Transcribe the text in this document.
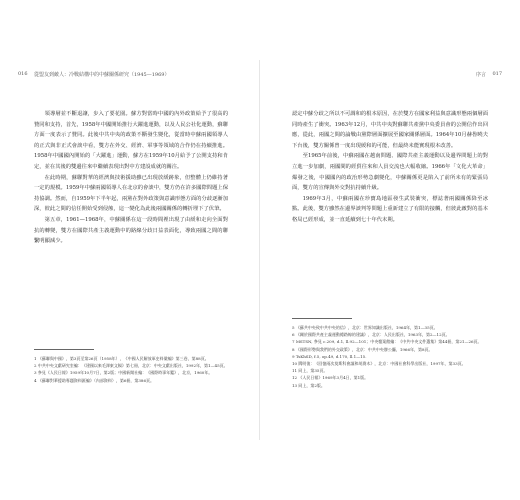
016 從盟友到敵人：冷戰結構中的中蘇關係研究（1945—1969）

領導層並不斷退讓，步入了要花園。蘇方對當時中國的內外政策給予了很高的贊同和支持，首先，1958年中國開始推行大躍進運動，以及人民公社化運動，蘇聯方面一度表示了贊同。此後中共中央的政策不斷發生變化，從當時中蘇兩國領導人的正式與非正式會談中看，雙方在外交、經濟、軍事等領域的合作仍在持續推進。1958年中國國內開始的「大躍進」運動，蘇方在1959年10月給予了公開支持和肯定，並在其後的雙邊往來中繼續表現出對中方建設成就的關注。

在此時期，蘇聯對華的經濟與技術援助雖已出現放緩跡象，但整體上仍維持著一定的規模。1959年中蘇兩國領導人在北京的會談中，雙方仍在許多國際問題上保持協調。然而，自1959年下半年起，兩黨在對外政策與意識形態方面的分歧逐漸加深，彼此之間的信任開始受到侵蝕，這一變化為此後兩國關係的轉折埋下了伏筆。

第五章，1961—1968年，中蘇關係在這一段時間裡出現了由緩和走向全面對抗的轉變，雙方在國際共產主義運動中的路線分歧日益表面化，導致兩國之間的聯繫明顯減少。

1 《蘇聯與中國》，第3頁至第26頁（1958年），《中國人民解放軍史料彙編》第三卷，第88頁。

2 中共中央文獻研究室編：《建國以來毛澤東文稿》第七冊，北京：中央文獻出版社，1992年，第1—45頁。

3 參見《人民日報》1959年10月7日，第2版；中國新聞社編：《國際時事年鑑》，北京，1960年。

4 《蘇聯對華援助專題資料匯編》（內部資料），第6冊，第386頁。

序言 017

認定中蘇分歧之所以不可調和的根本原因，在於雙方在國家利益與意識形態兩個層面同時產生了衝突。1963年12月，中共中央對蘇聯共產黨中央委員會的公開信作出回應，從此，兩國之間的論戰由黨際層面擴展至國家關係層面。1964年10月赫魯曉夫下台後，雙方關係曾一度出現緩和的可能，但最終未能實現根本改善。

至1965年前後，中蘇兩國在越南問題、國際共產主義運動以及邊界問題上的對立進一步加劇，兩國間的經貿往來和人員交流也大幅收縮。1966年「文化大革命」爆發之後，中國國內的政治形勢急劇變化，中蘇關係更是陷入了前所未有的緊張局面，雙方的宣傳與外交對抗持續升級。

1969年3月，中蘇兩國在珍寶島地區發生武裝衝突，標誌著兩國關係降至冰點。此後，雙方雖然在邊界談判等問題上重新建立了有限的接觸，但彼此敵對的基本格局已經形成，並一直延續到七十年代末期。

5 《蘇共中央致中共中央的信》，北京：世界知識出版社，1964年，第1—35頁。

6 《關於國際共產主義運動總路線的建議》，北京：人民出版社，1963年，第2—12頁。

7 MSTSN, 參見 c.209, d.1, ll.92—101；中央檔案館編：《中共中央文件選集》第44冊，第21—26頁。

8 《國際形勢與我們的外交政策》，北京：中共中央辦公廳，1966年，第8頁。

9 TsKhSD, f.5, op.49, d.170, ll.1—15.

10 閻明復：《回憶兩次莫斯科會議和胡喬木》，北京：中國社會科學出版社，1997年，第33頁。

11 同上，第35頁。

12 《人民日報》1969年3月4日，第1版。

13 同上，第2版。
